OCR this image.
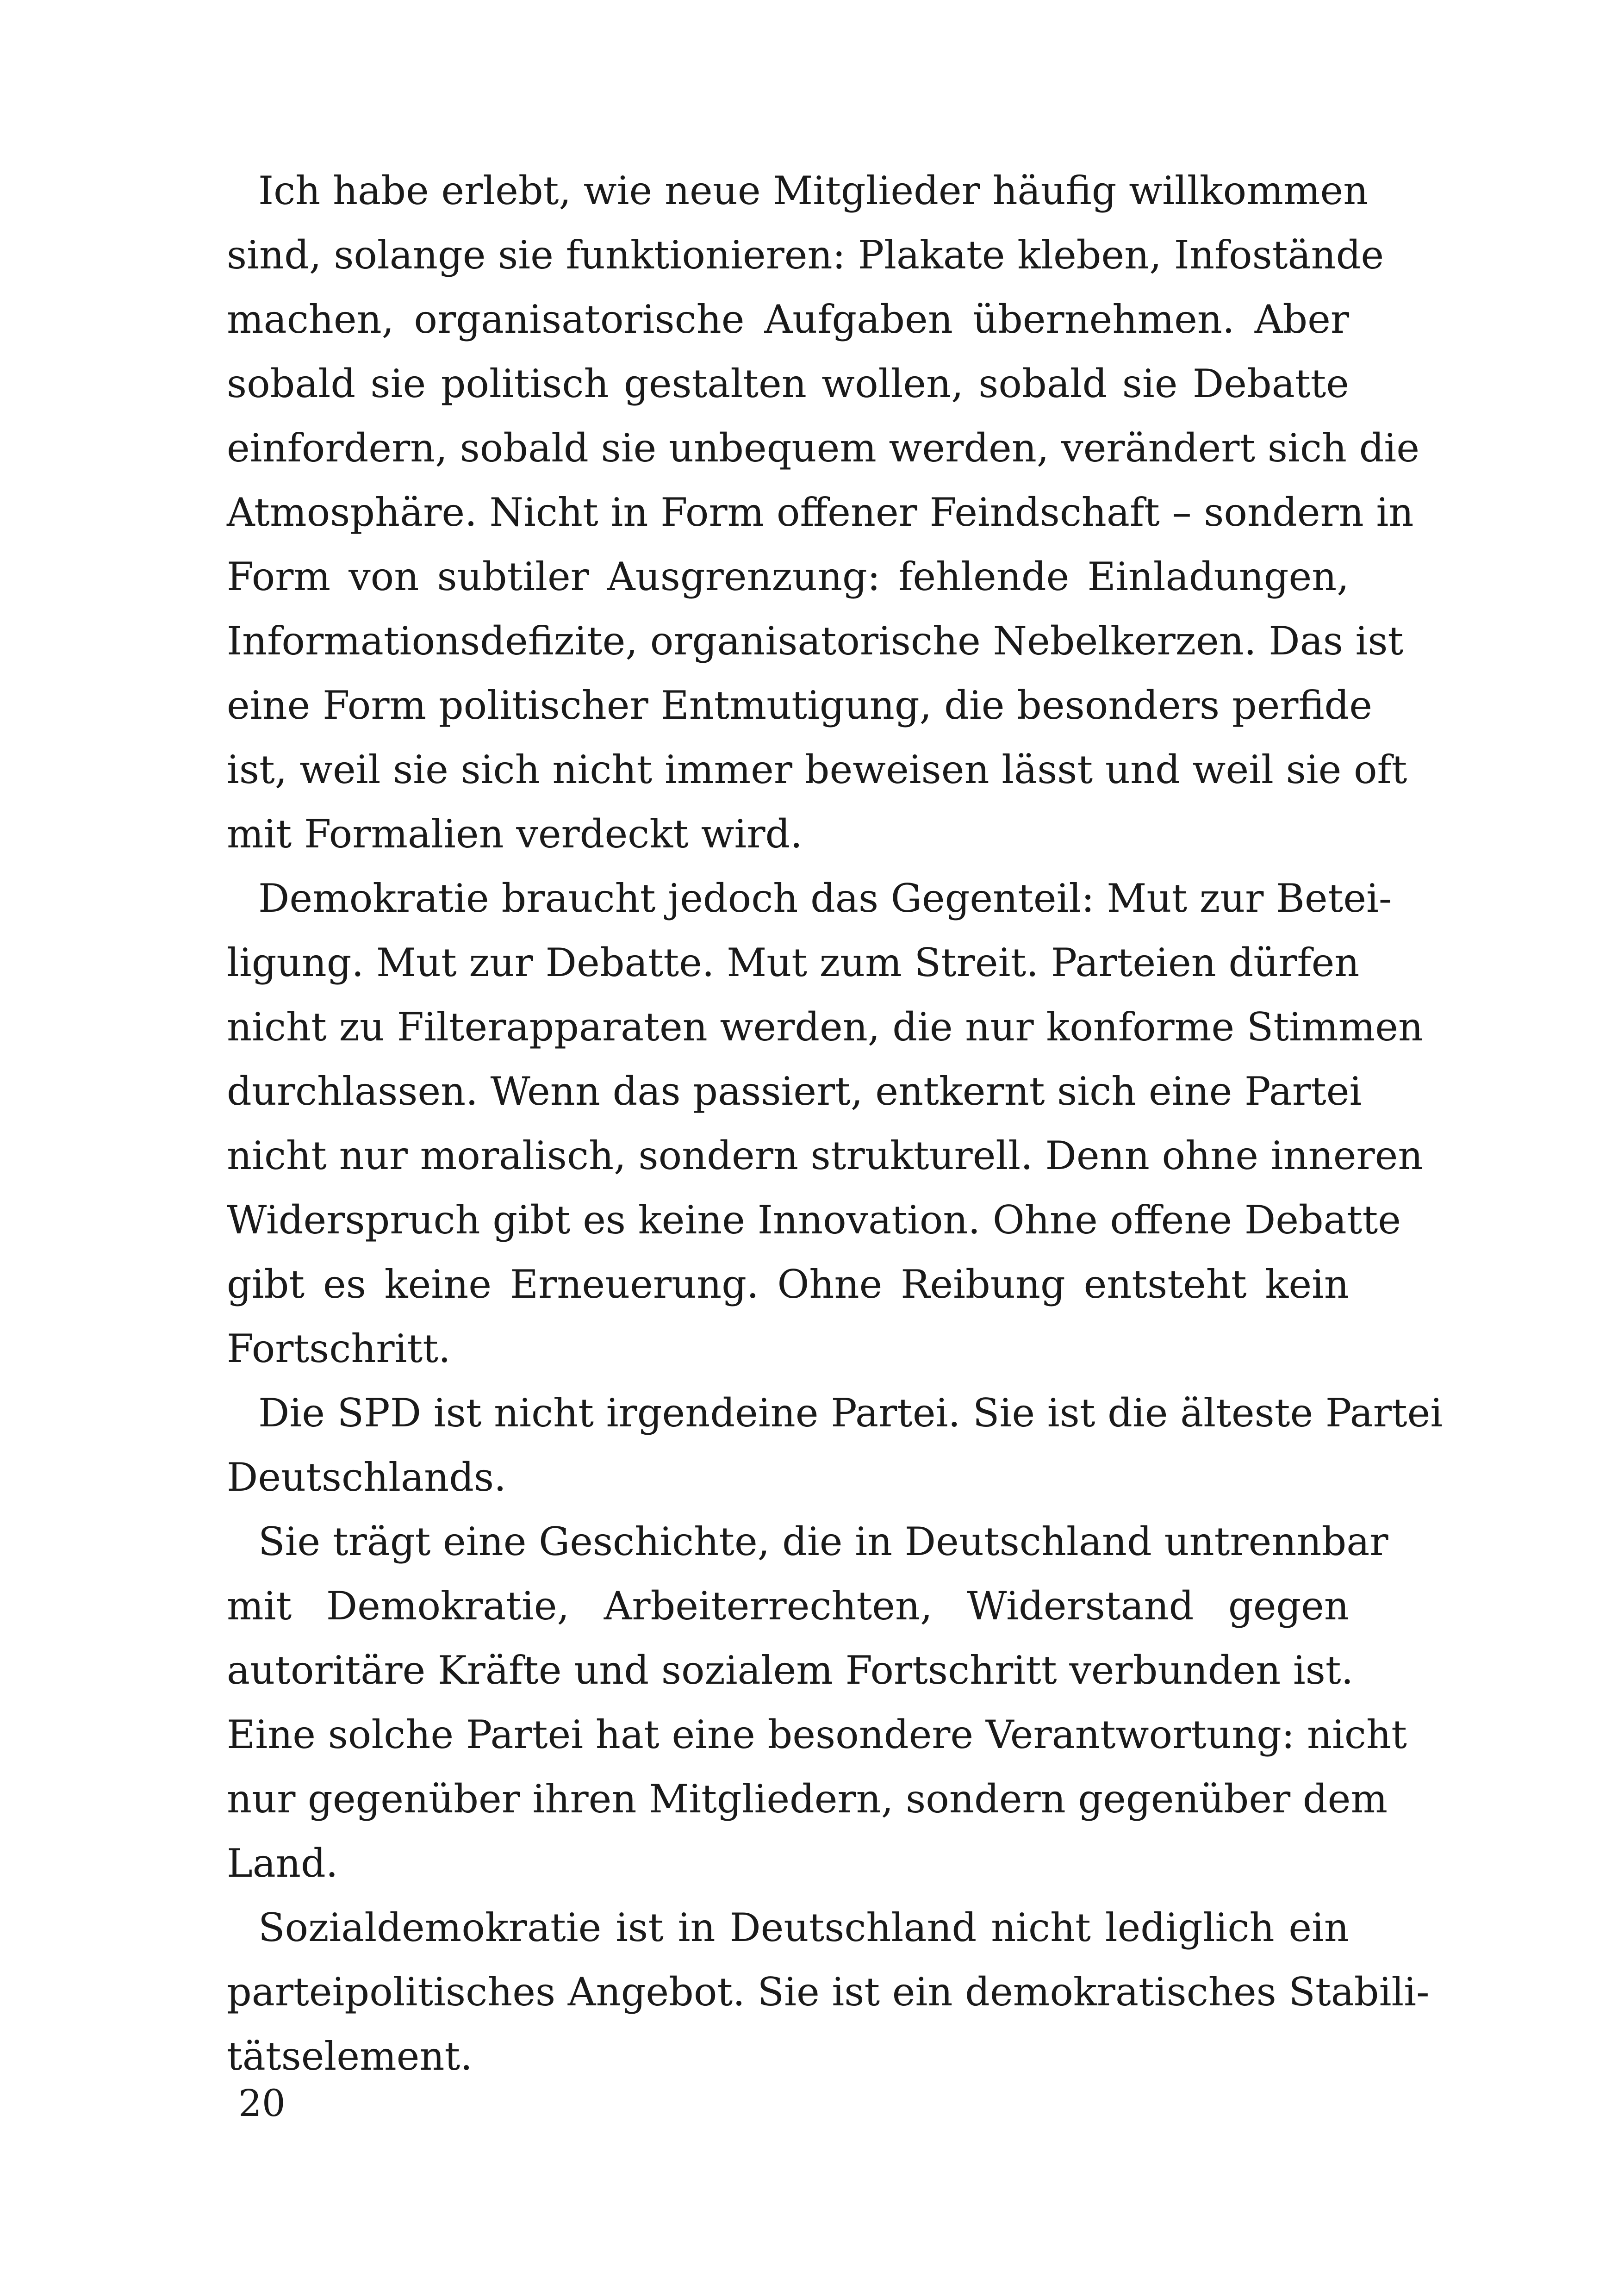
Ich habe erlebt, wie neue Mitglieder häufig willkommen
sind, solange sie funktionieren: Plakate kleben, Infostände
machen, organisatorische Aufgaben übernehmen. Aber
sobald sie politisch gestalten wollen, sobald sie Debatte
einfordern, sobald sie unbequem werden, verändert sich die
Atmosphäre. Nicht in Form offener Feindschaft – sondern in
Form von subtiler Ausgrenzung: fehlende Einladungen,
Informationsdefizite, organisatorische Nebelkerzen. Das ist
eine Form politischer Entmutigung, die besonders perfide
ist, weil sie sich nicht immer beweisen lässt und weil sie oft
mit Formalien verdeckt wird.
Demokratie braucht jedoch das Gegenteil: Mut zur Betei-
ligung. Mut zur Debatte. Mut zum Streit. Parteien dürfen
nicht zu Filterapparaten werden, die nur konforme Stimmen
durchlassen. Wenn das passiert, entkernt sich eine Partei
nicht nur moralisch, sondern strukturell. Denn ohne inneren
Widerspruch gibt es keine Innovation. Ohne offene Debatte
gibt es keine Erneuerung. Ohne Reibung entsteht kein
Fortschritt.
Die SPD ist nicht irgendeine Partei. Sie ist die älteste Partei
Deutschlands.
Sie trägt eine Geschichte, die in Deutschland untrennbar
mit Demokratie, Arbeiterrechten, Widerstand gegen
autoritäre Kräfte und sozialem Fortschritt verbunden ist.
Eine solche Partei hat eine besondere Verantwortung: nicht
nur gegenüber ihren Mitgliedern, sondern gegenüber dem
Land.
Sozialdemokratie ist in Deutschland nicht lediglich ein
parteipolitisches Angebot. Sie ist ein demokratisches Stabili-
tätselement.
20
